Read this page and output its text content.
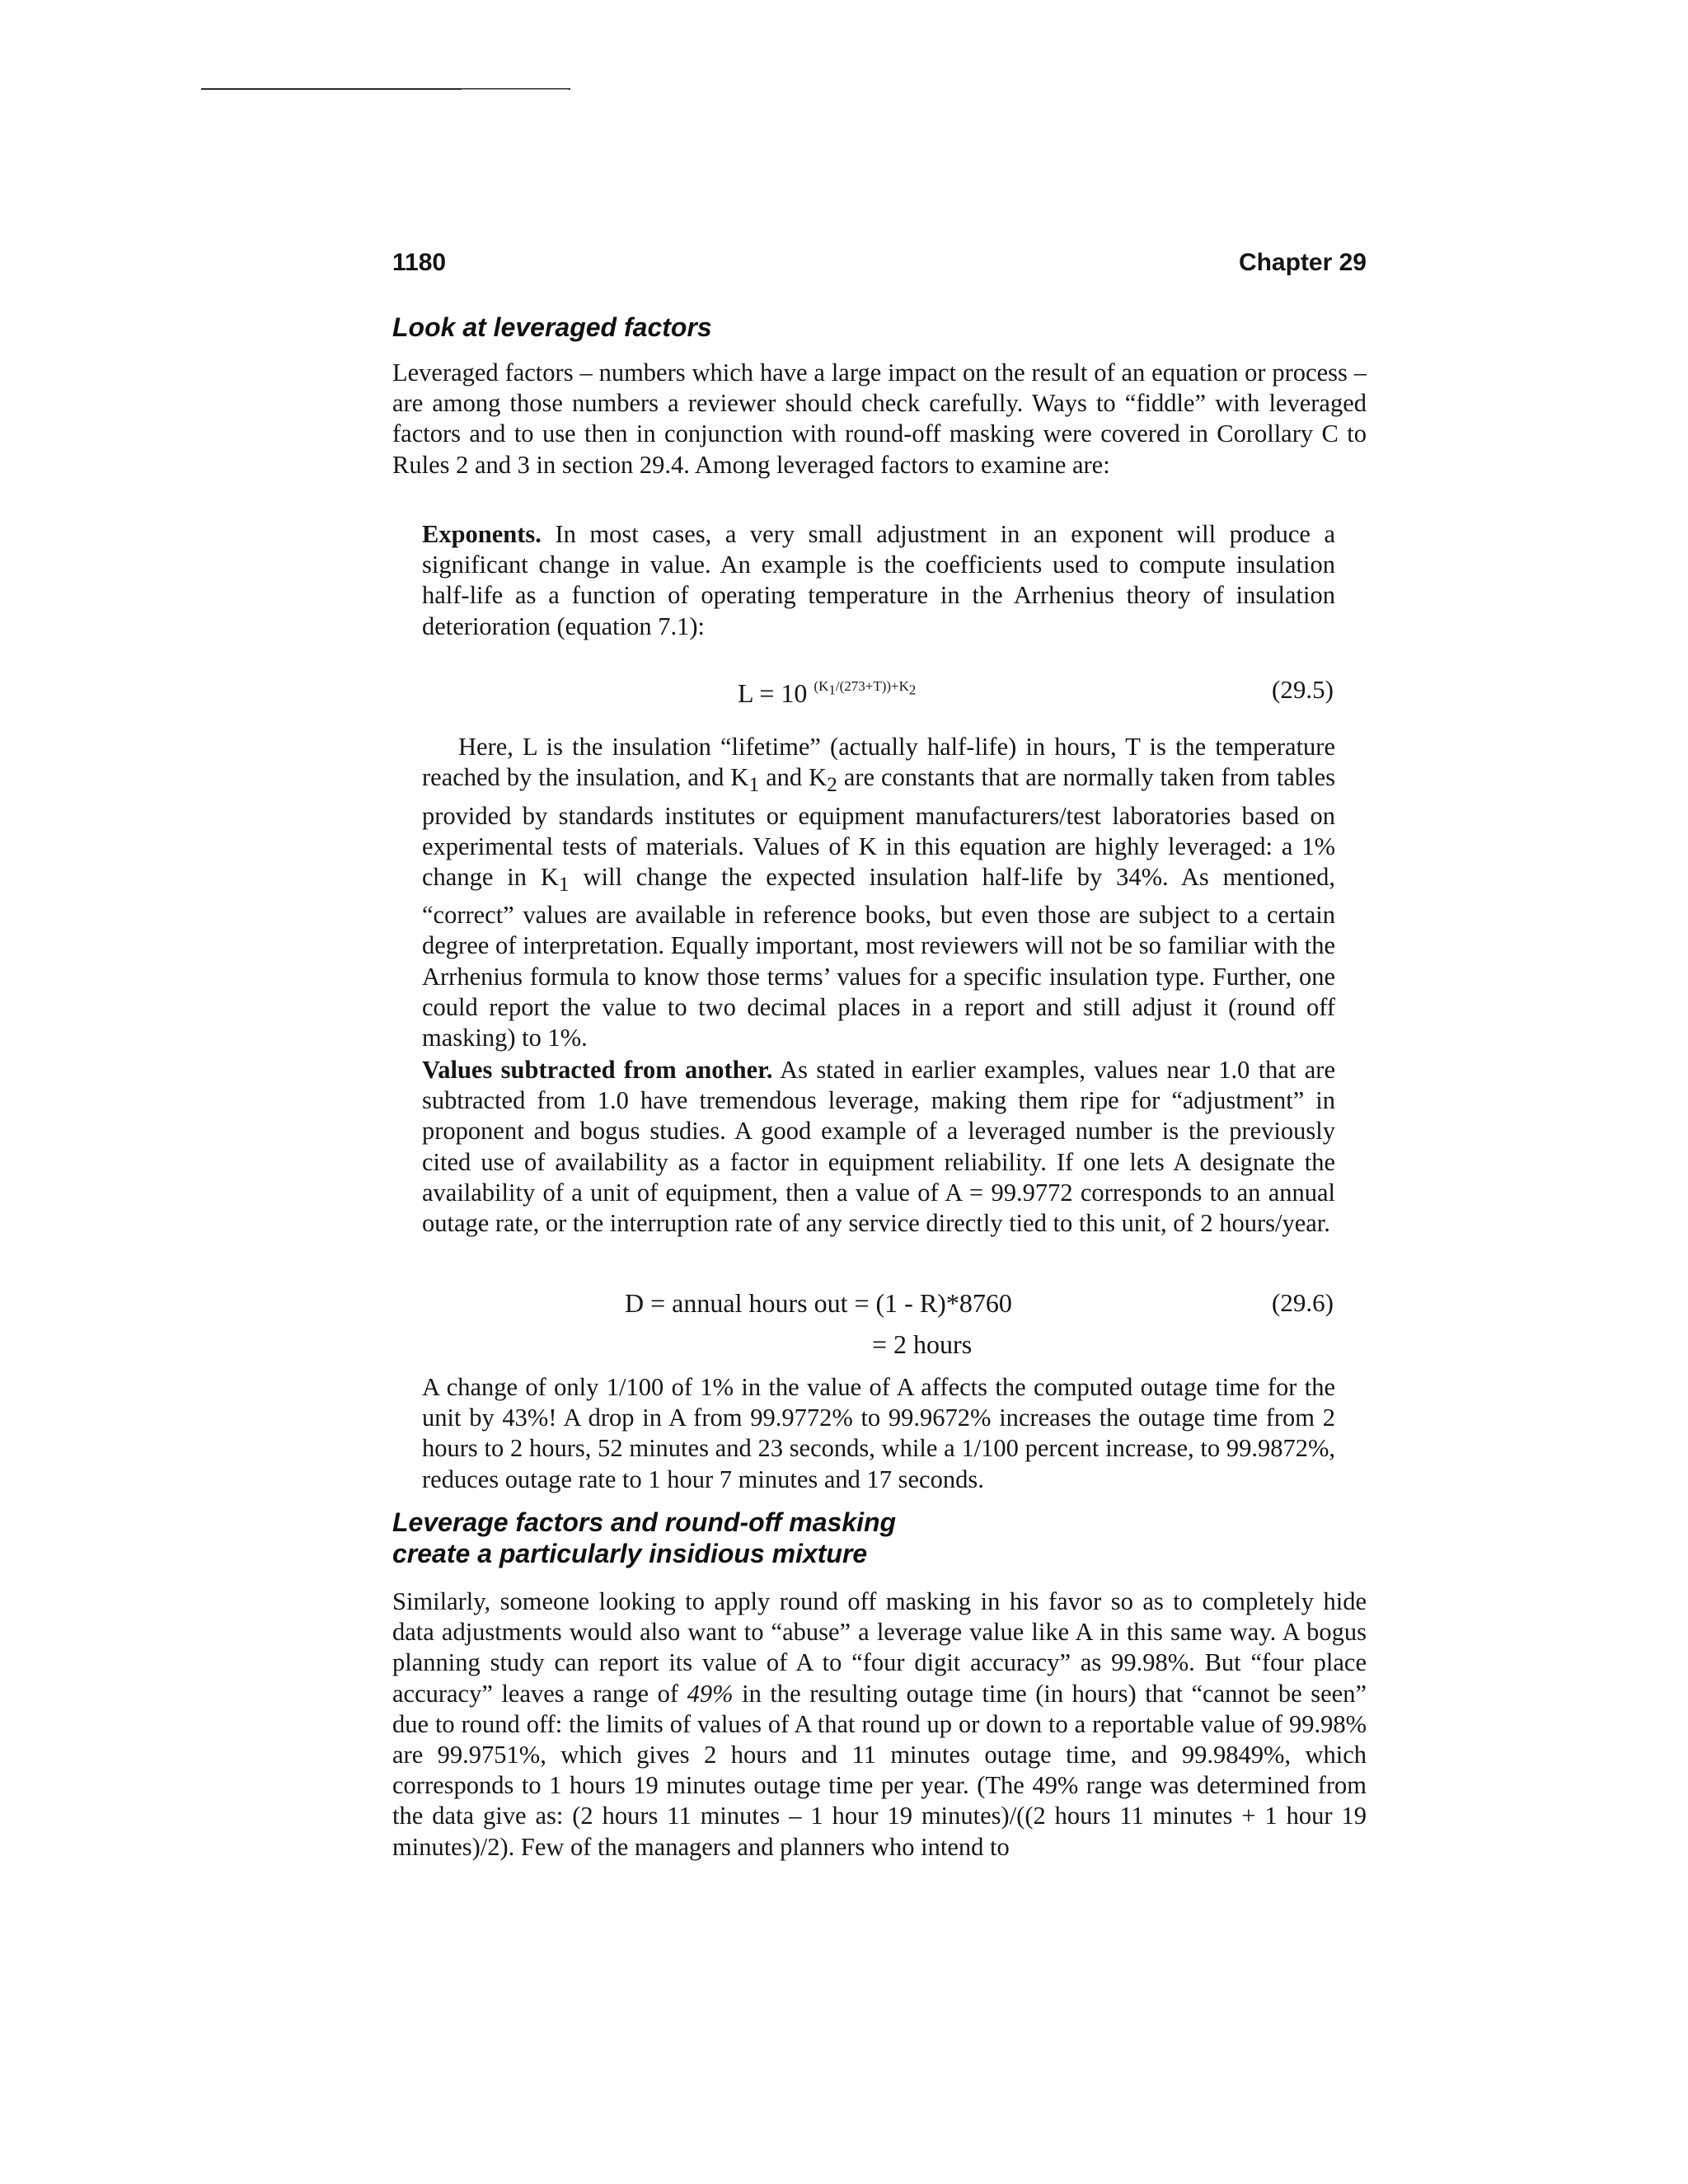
1180	Chapter 29
Look at leveraged factors

Leveraged factors – numbers which have a large impact on the result of an equation or process – are among those numbers a reviewer should check carefully. Ways to “fiddle” with leveraged factors and to use then in conjunction with round-off masking were covered in Corollary C to Rules 2 and 3 in section 29.4. Among leveraged factors to examine are:

Exponents. In most cases, a very small adjustment in an exponent will produce a significant change in value. An example is the coefficients used to compute insulation half-life as a function of operating temperature in the Arrhenius theory of insulation deterioration (equation 7.1):

L = 10 $^{(K_1/(273+T))+K_2}$	(29.5)

Here, L is the insulation “lifetime” (actually half-life) in hours, T is the temperature reached by the insulation, and $K_1$ and $K_2$ are constants that are normally taken from tables provided by standards institutes or equipment manufacturers/test laboratories based on experimental tests of materials. Values of K in this equation are highly leveraged: a 1% change in $K_1$ will change the expected insulation half-life by 34%. As mentioned, “correct” values are available in reference books, but even those are subject to a certain degree of interpretation. Equally important, most reviewers will not be so familiar with the Arrhenius formula to know those terms’ values for a specific insulation type. Further, one could report the value to two decimal places in a report and still adjust it (round off masking) to 1%.

Values subtracted from another. As stated in earlier examples, values near 1.0 that are subtracted from 1.0 have tremendous leverage, making them ripe for “adjustment” in proponent and bogus studies. A good example of a leveraged number is the previously cited use of availability as a factor in equipment reliability. If one lets A designate the availability of a unit of equipment, then a value of A = 99.9772 corresponds to an annual outage rate, or the interruption rate of any service directly tied to this unit, of 2 hours/year.

D = annual hours out = (1 - R)*8760	(29.6)
= 2 hours

A change of only 1/100 of 1% in the value of A affects the computed outage time for the unit by 43%! A drop in A from 99.9772% to 99.9672% increases the outage time from 2 hours to 2 hours, 52 minutes and 23 seconds, while a 1/100 percent increase, to 99.9872%, reduces outage rate to 1 hour 7 minutes and 17 seconds.

Leverage factors and round-off masking
create a particularly insidious mixture

Similarly, someone looking to apply round off masking in his favor so as to completely hide data adjustments would also want to “abuse” a leverage value like A in this same way. A bogus planning study can report its value of A to “four digit accuracy” as 99.98%. But “four place accuracy” leaves a range of 49% in the resulting outage time (in hours) that “cannot be seen” due to round off: the limits of values of A that round up or down to a reportable value of 99.98% are 99.9751%, which gives 2 hours and 11 minutes outage time, and 99.9849%, which corresponds to 1 hours 19 minutes outage time per year. (The 49% range was determined from the data give as: (2 hours 11 minutes – 1 hour 19 minutes)/((2 hours 11 minutes + 1 hour 19 minutes)/2). Few of the managers and planners who intend to
